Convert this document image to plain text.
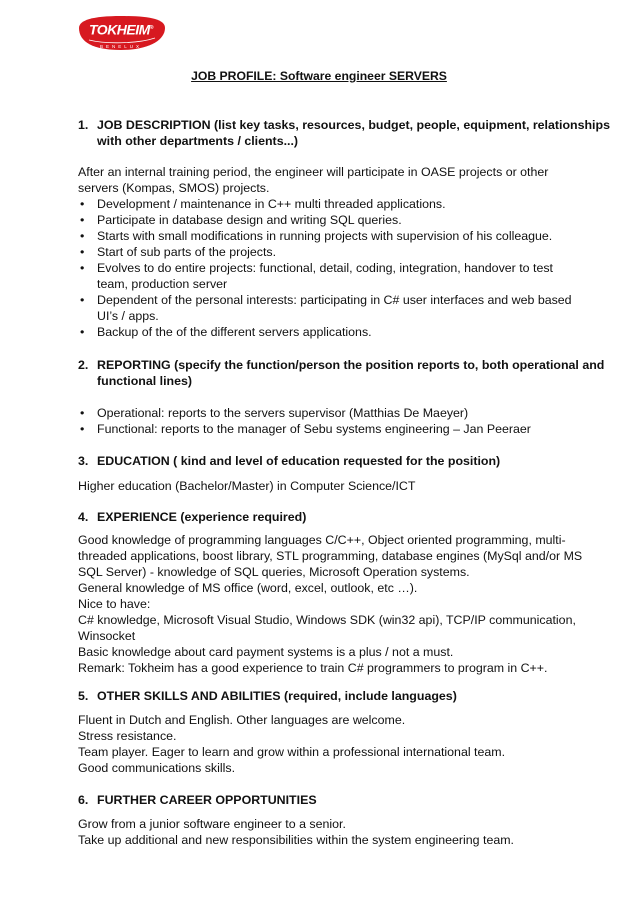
TOKHEIM®
BENELUX
JOB PROFILE: Software engineer SERVERS
1. JOB DESCRIPTION (list key tasks, resources, budget, people, equipment, relationships
with other departments / clients...)
After an internal training period, the engineer will participate in OASE projects or other
servers (Kompas, SMOS) projects.
• Development / maintenance in C++ multi threaded applications.
• Participate in database design and writing SQL queries.
• Starts with small modifications in running projects with supervision of his colleague.
• Start of sub parts of the projects.
• Evolves to do entire projects: functional, detail, coding, integration, handover to test
team, production server
• Dependent of the personal interests: participating in C# user interfaces and web based
UI’s / apps.
• Backup of the of the different servers applications.
2. REPORTING (specify the function/person the position reports to, both operational and
functional lines)
• Operational: reports to the servers supervisor (Matthias De Maeyer)
• Functional: reports to the manager of Sebu systems engineering – Jan Peeraer
3. EDUCATION ( kind and level of education requested for the position)
Higher education (Bachelor/Master) in Computer Science/ICT
4. EXPERIENCE (experience required)
Good knowledge of programming languages C/C++, Object oriented programming, multi-
threaded applications, boost library, STL programming, database engines (MySql and/or MS
SQL Server) - knowledge of SQL queries, Microsoft Operation systems.
General knowledge of MS office (word, excel, outlook, etc …).
Nice to have:
C# knowledge, Microsoft Visual Studio, Windows SDK (win32 api), TCP/IP communication,
Winsocket
Basic knowledge about card payment systems is a plus / not a must.
Remark: Tokheim has a good experience to train C# programmers to program in C++.
5. OTHER SKILLS AND ABILITIES (required, include languages)
Fluent in Dutch and English. Other languages are welcome.
Stress resistance.
Team player. Eager to learn and grow within a professional international team.
Good communications skills.
6. FURTHER CAREER OPPORTUNITIES
Grow from a junior software engineer to a senior.
Take up additional and new responsibilities within the system engineering team.
